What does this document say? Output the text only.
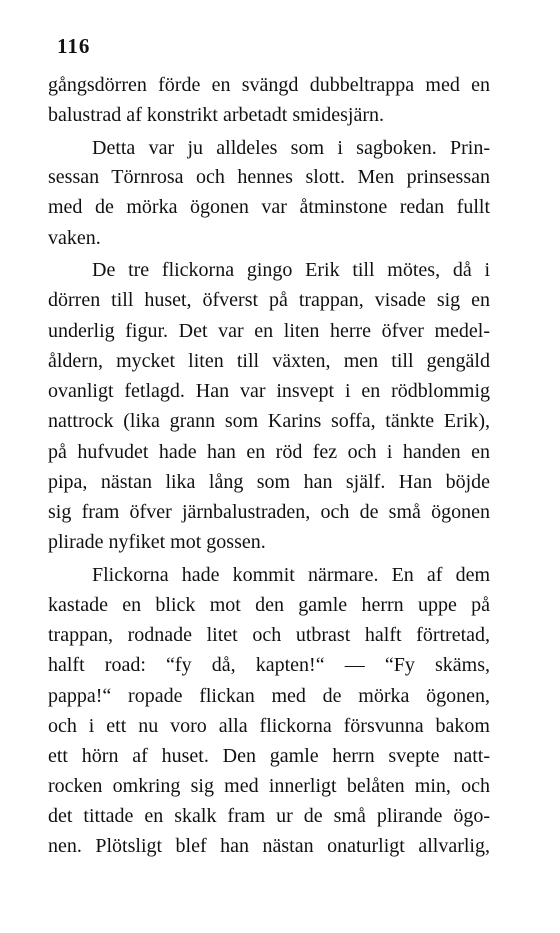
116
gångsdörren förde en svängd dubbeltrappa med en
balustrad af konstrikt arbetadt smidesjärn.
Detta var ju alldeles som i sagboken. Prin-
sessan Törnrosa och hennes slott. Men prinsessan
med de mörka ögonen var åtminstone redan fullt
vaken.
De tre flickorna gingo Erik till mötes, då i
dörren till huset, öfverst på trappan, visade sig en
underlig figur. Det var en liten herre öfver medel-
åldern, mycket liten till växten, men till gengäld
ovanligt fetlagd. Han var insvept i en rödblommig
nattrock (lika grann som Karins soffa, tänkte Erik),
på hufvudet hade han en röd fez och i handen en
pipa, nästan lika lång som han själf. Han böjde
sig fram öfver järnbalustraden, och de små ögonen
plirade nyfiket mot gossen.
Flickorna hade kommit närmare. En af dem
kastade en blick mot den gamle herrn uppe på
trappan, rodnade litet och utbrast halft förtretad,
halft road: “fy då, kapten!“ — “Fy skäms,
pappa!“ ropade flickan med de mörka ögonen,
och i ett nu voro alla flickorna försvunna bakom
ett hörn af huset. Den gamle herrn svepte natt-
rocken omkring sig med innerligt belåten min, och
det tittade en skalk fram ur de små plirande ögo-
nen. Plötsligt blef han nästan onaturligt allvarlig,
